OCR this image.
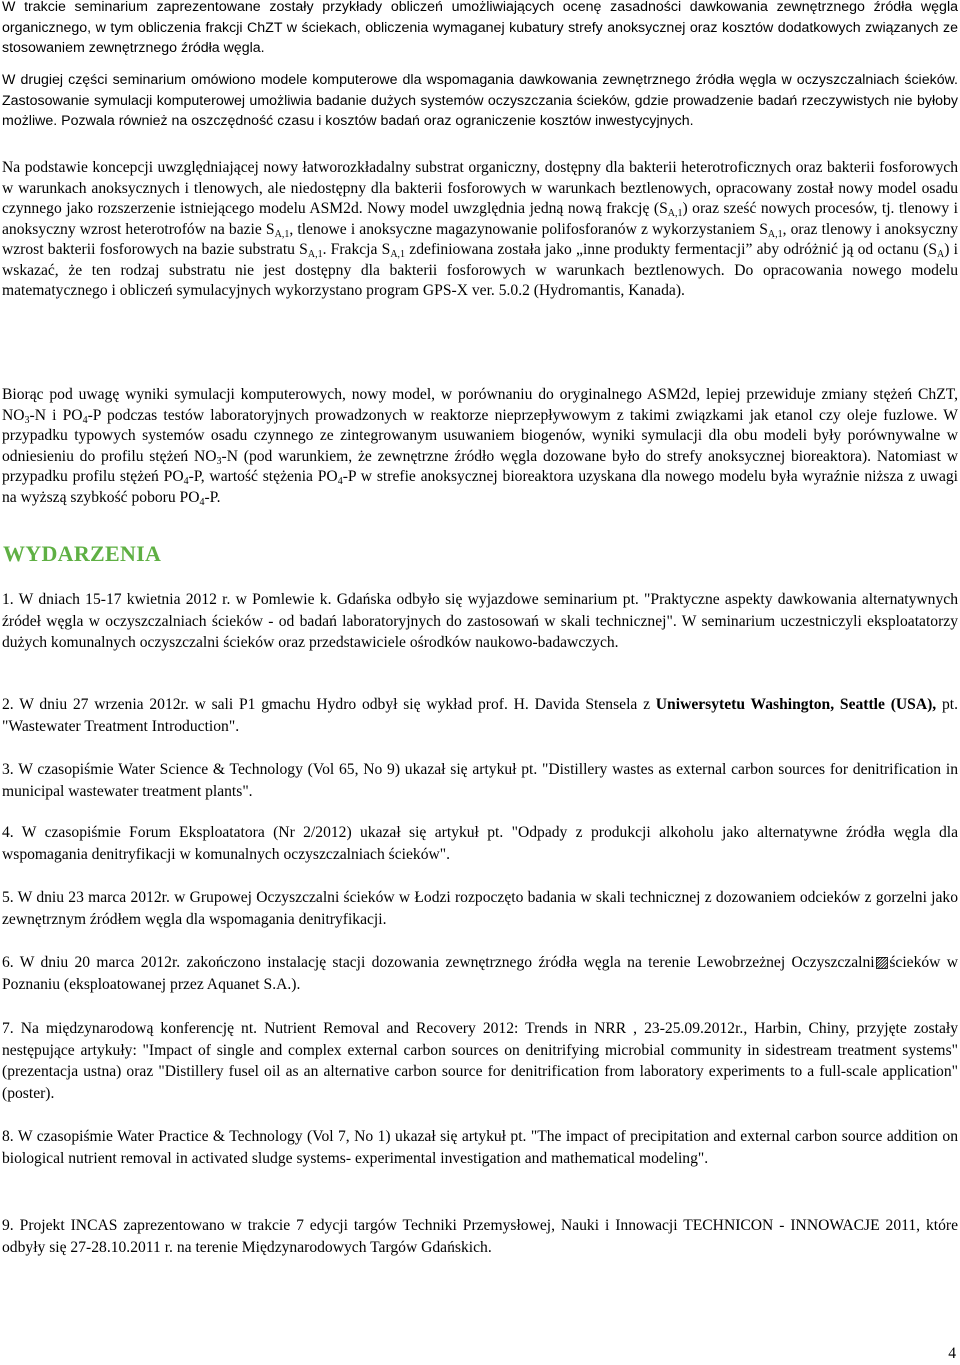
W trakcie seminarium zaprezentowane zostały przykłady obliczeń umożliwiających ocenę zasadności dawkowania zewnętrznego źródła węgla organicznego, w tym obliczenia frakcji ChZT w ściekach, obliczenia wymaganej kubatury strefy anoksycznej oraz kosztów dodatkowych związanych ze stosowaniem zewnętrznego źródła węgla.

W drugiej części seminarium omówiono modele komputerowe dla wspomagania dawkowania zewnętrznego źródła węgla w oczyszczalniach ścieków. Zastosowanie symulacji komputerowej umożliwia badanie dużych systemów oczyszczania ścieków, gdzie prowadzenie badań rzeczywistych nie byłoby możliwe. Pozwala również na oszczędność czasu i kosztów badań oraz ograniczenie kosztów inwestycyjnych.

Na podstawie koncepcji uwzględniającej nowy łatworozkładalny substrat organiczny, dostępny dla bakterii heterotroficznych oraz bakterii fosforowych w warunkach anoksycznych i tlenowych, ale niedostępny dla bakterii fosforowych w warunkach beztlenowych, opracowany został nowy model osadu czynnego jako rozszerzenie istniejącego modelu ASM2d. Nowy model uwzględnia jedną nową frakcję $(S_{A,1})$ oraz sześć nowych procesów, tj. tlenowy i anoksyczny wzrost heterotrofów na bazie $S_{A,1}$, tlenowe i anoksyczne magazynowanie polifosforanów z wykorzystaniem $S_{A,1}$, oraz tlenowy i anoksyczny wzrost bakterii fosforowych na bazie substratu $S_{A,1}$. Frakcja $S_{A,1}$ zdefiniowana została jako „inne produkty fermentacji” aby odróżnić ją od octanu $(S_A)$ i wskazać, że ten rodzaj substratu nie jest dostępny dla bakterii fosforowych w warunkach beztlenowych. Do opracowania nowego modelu matematycznego i obliczeń symulacyjnych wykorzystano program GPS-X ver. 5.0.2 (Hydromantis, Kanada).

Biorąc pod uwagę wyniki symulacji komputerowych, nowy model, w porównaniu do oryginalnego ASM2d, lepiej przewiduje zmiany stężeń ChZT, $NO_3-N$ i $PO_4-P$ podczas testów laboratoryjnych prowadzonych w reaktorze nieprzepływowym z takimi związkami jak etanol czy oleje fuzlowe. W przypadku typowych systemów osadu czynnego ze zintegrowanym usuwaniem biogenów, wyniki symulacji dla obu modeli były porównywalne w odniesieniu do profilu stężeń $NO_3-N$ (pod warunkiem, że zewnętrzne źródło węgla dozowane było do strefy anoksycznej bioreaktora). Natomiast w przypadku profilu stężeń $PO_4-P$, wartość stężenia $PO_4-P$ w strefie anoksycznej bioreaktora uzyskana dla nowego modelu była wyraźnie niższa z uwagi na wyższą szybkość poboru $PO_4-P$.

WYDARZENIA

1. W dniach 15-17 kwietnia 2012 r. w Pomlewie k. Gdańska odbyło się wyjazdowe seminarium pt. "Praktyczne aspekty dawkowania alternatywnych źródeł węgla w oczyszczalniach ścieków - od badań laboratoryjnych do zastosowań w skali technicznej". W seminarium uczestniczyli eksploatatorzy dużych komunalnych oczyszczalni ścieków oraz przedstawiciele ośrodków naukowo-badawczych.

2. W dniu 27 wrzenia 2012r. w sali P1 gmachu Hydro odbył się wykład prof. H. Davida Stensela z Uniwersytetu Washington, Seattle (USA), pt. "Wastewater Treatment Introduction".

3. W czasopiśmie Water Science & Technology (Vol 65, No 9) ukazał się artykuł pt. "Distillery wastes as external carbon sources for denitrification in municipal wastewater treatment plants".

4. W czasopiśmie Forum Eksploatatora (Nr 2/2012) ukazał się artykuł pt. "Odpady z produkcji alkoholu jako alternatywne źródła węgla dla wspomagania denitryfikacji w komunalnych oczyszczalniach ścieków".

5. W dniu 23 marca 2012r. w Grupowej Oczyszczalni ścieków w Łodzi rozpoczęto badania w skali technicznej z dozowaniem odcieków z gorzelni jako zewnętrznym źródłem węgla dla wspomagania denitryfikacji.

6. W dniu 20 marca 2012r. zakończono instalację stacji dozowania zewnętrznego źródła węgla na terenie Lewobrzeżnej Oczyszczalni▨ścieków w Poznaniu (eksploatowanej przez Aquanet S.A.).

7. Na międzynarodową konferencję nt. Nutrient Removal and Recovery 2012: Trends in NRR , 23-25.09.2012r., Harbin, Chiny, przyjęte zostały nestępujące artykuły: "Impact of single and complex external carbon sources on denitrifying microbial community in sidestream treatment systems" (prezentacja ustna) oraz "Distillery fusel oil as an alternative carbon source for denitrification from laboratory experiments to a full-scale application" (poster).

8. W czasopiśmie Water Practice & Technology (Vol 7, No 1) ukazał się artykuł pt. "The impact of precipitation and external carbon source addition on biological nutrient removal in activated sludge systems- experimental investigation and mathematical modeling".

9. Projekt INCAS zaprezentowano w trakcie 7 edycji targów Techniki Przemysłowej, Nauki i Innowacji TECHNICON - INNOWACJE 2011, które odbyły się 27-28.10.2011 r. na terenie Międzynarodowych Targów Gdańskich.

4
